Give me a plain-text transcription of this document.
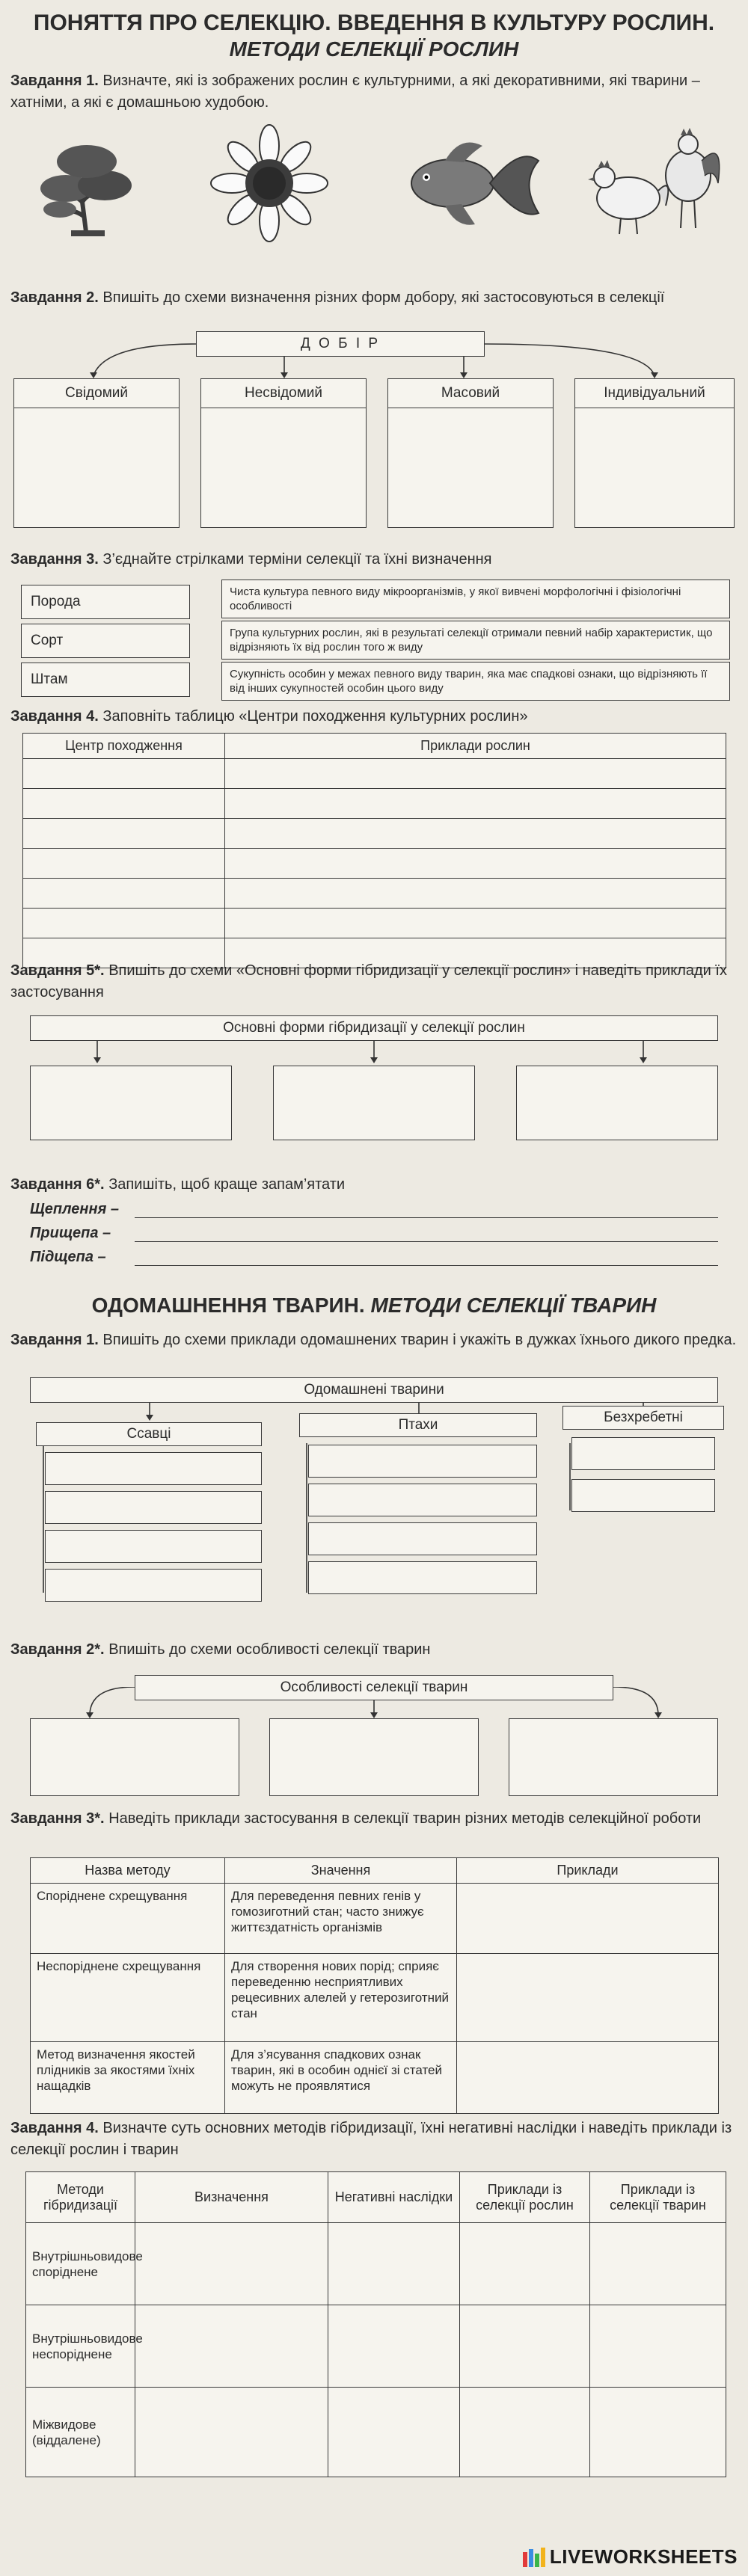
ПОНЯТТЯ ПРО СЕЛЕКЦІЮ. ВВЕДЕННЯ В КУЛЬТУРУ РОСЛИН.
МЕТОДИ СЕЛЕКЦІЇ РОСЛИН
Завдання 1. Визначте, які із зображених рослин є культурними, а які декоративними, які тварини – хатніми, а які є домашньою худобою.
Завдання 2. Впишіть до схеми визначення різних форм добору, які застосовуються в селекції
Д О Б І Р
Свідомий	Несвідомий	Масовий	Індивідуальний
Завдання 3. З’єднайте стрілками терміни селекції та їхні визначення
Порода
Сорт
Штам
Чиста культура певного виду мікроорганізмів, у якої вивчені морфологічні і фізіологічні особливості
Група культурних рослин, які в результаті селекції отримали певний набір характеристик, що відрізняють їх від рослин того ж виду
Сукупність особин у межах певного виду тварин, яка має спадкові ознаки, що відрізняють її від інших сукупностей особин цього виду
Завдання 4. Заповніть таблицю «Центри походження культурних рослин»
Центр походження	Приклади рослин

Завдання 5*. Впишіть до схеми «Основні форми гібридизації у селекції рослин» і наведіть приклади їх застосування
Основні форми гібридизації у селекції рослин
Завдання 6*. Запишіть, щоб краще запам’ятати
Щеплення –
Прищепа –
Підщепа –
ОДОМАШНЕННЯ ТВАРИН. МЕТОДИ СЕЛЕКЦІЇ ТВАРИН
Завдання 1. Впишіть до схеми приклади одомашнених тварин і укажіть в дужках їхнього дикого предка.
Одомашнені тварини
Ссавці
Птахи	Безхребетні
Завдання 2*. Впишіть до схеми особливості селекції тварин
Особливості селекції тварин
Завдання 3*. Наведіть приклади застосування в селекції тварин різних методів селекційної роботи
Назва методу	Значення	Приклади
Споріднене схрещування	Для переведення певних генів у гомозиготний стан; часто знижує життєздатність організмів	
Неспоріднене схрещування	Для створення нових порід; сприяє переведенню несприятливих рецесивних алелей у гетерозиготний стан	
Метод визначення якостей плідників за якостями їхніх нащадків	Для з’ясування спадкових ознак тварин, які в особин однієї зі статей можуть не проявлятися	
Завдання 4. Визначте суть основних методів гібридизації, їхні негативні наслідки і наведіть приклади із селекції рослин і тварин
Методи гібридизації	Визначення	Негативні наслідки	Приклади із селекції рослин	Приклади із селекції тварин
Внутрішньовидове споріднене				
Внутрішньовидове неспоріднене				
Міжвидове (віддалене)				
LIVEWORKSHEETS
